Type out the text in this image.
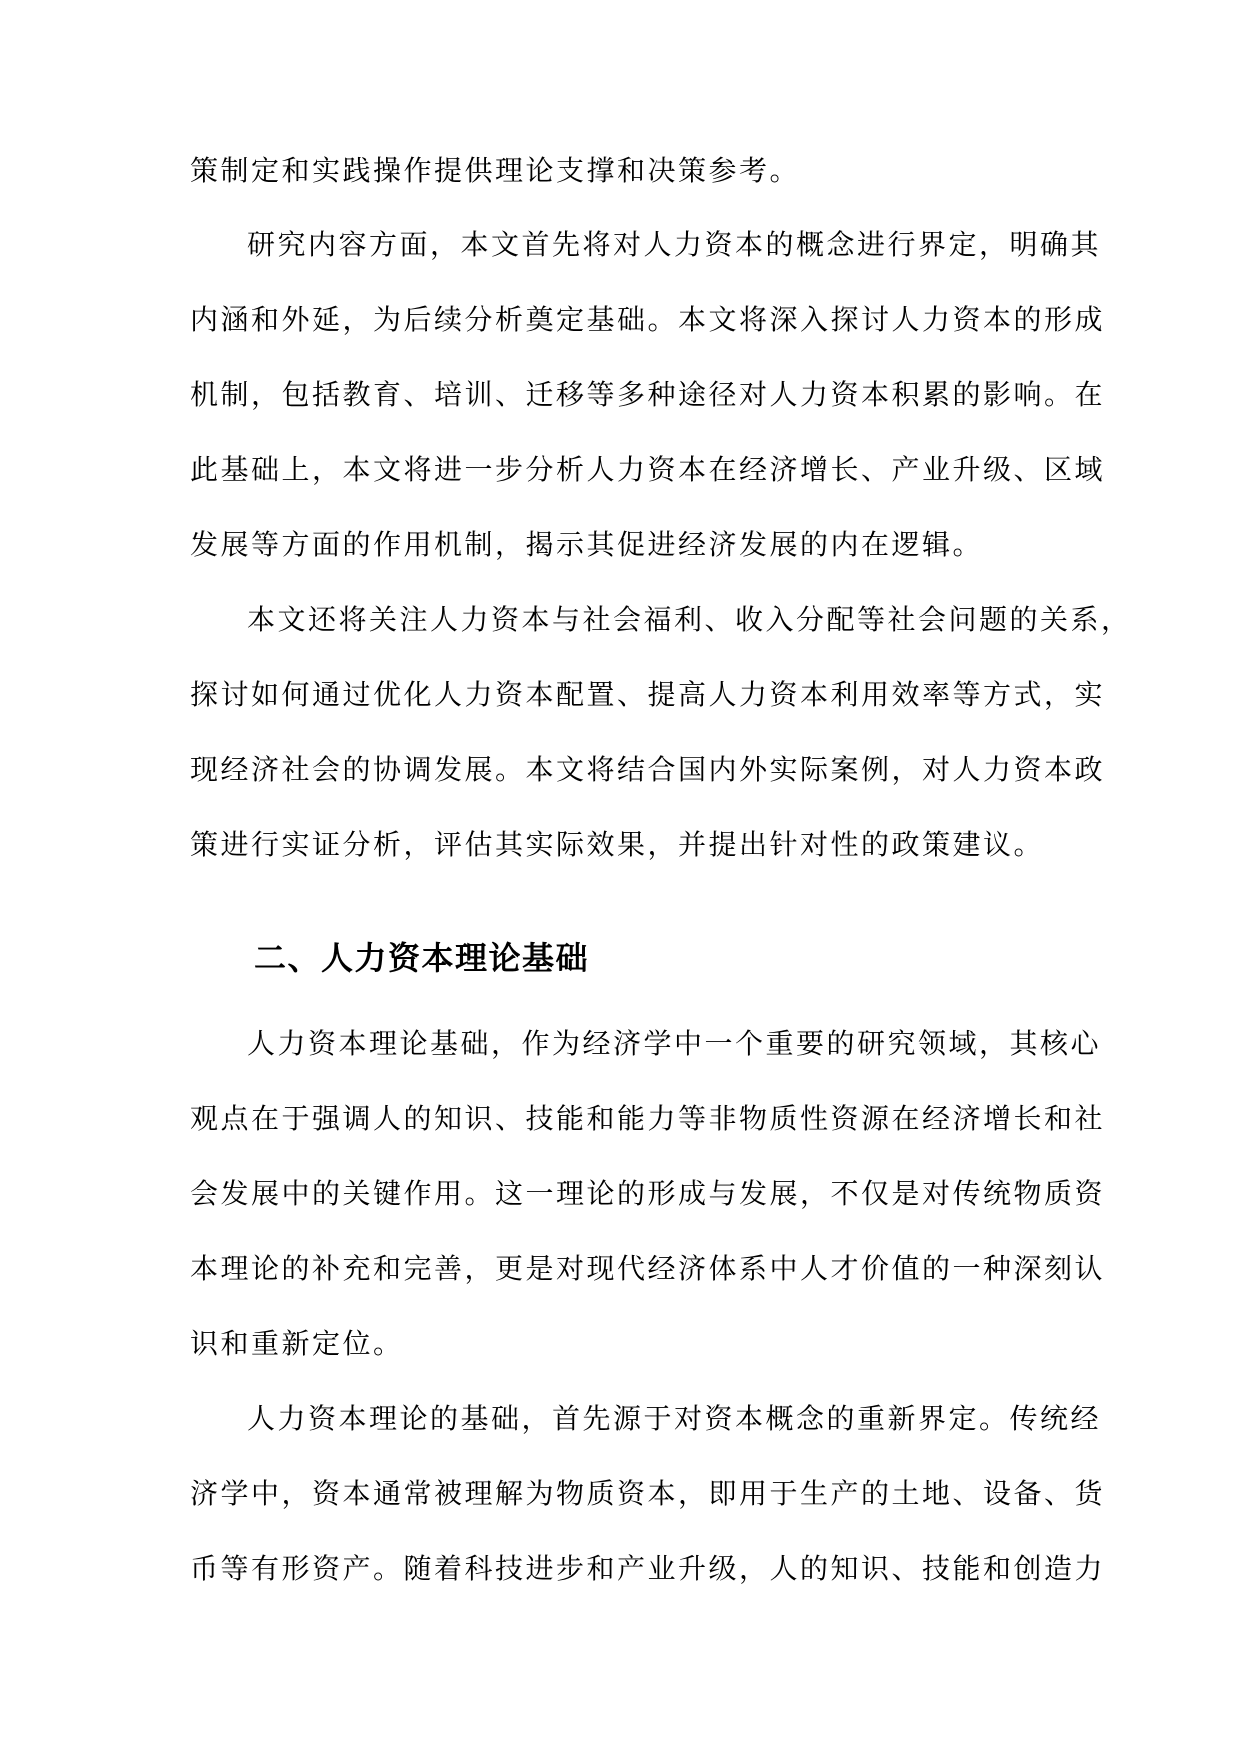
策制定和实践操作提供理论支撑和决策参考。
研究内容方面，本文首先将对人力资本的概念进行界定，明确其
内涵和外延，为后续分析奠定基础。本文将深入探讨人力资本的形成
机制，包括教育、培训、迁移等多种途径对人力资本积累的影响。在
此基础上，本文将进一步分析人力资本在经济增长、产业升级、区域
发展等方面的作用机制，揭示其促进经济发展的内在逻辑。
本文还将关注人力资本与社会福利、收入分配等社会问题的关系，
探讨如何通过优化人力资本配置、提高人力资本利用效率等方式，实
现经济社会的协调发展。本文将结合国内外实际案例，对人力资本政
策进行实证分析，评估其实际效果，并提出针对性的政策建议。
二、人力资本理论基础
人力资本理论基础，作为经济学中一个重要的研究领域，其核心
观点在于强调人的知识、技能和能力等非物质性资源在经济增长和社
会发展中的关键作用。这一理论的形成与发展，不仅是对传统物质资
本理论的补充和完善，更是对现代经济体系中人才价值的一种深刻认
识和重新定位。
人力资本理论的基础，首先源于对资本概念的重新界定。传统经
济学中，资本通常被理解为物质资本，即用于生产的土地、设备、货
币等有形资产。随着科技进步和产业升级，人的知识、技能和创造力
